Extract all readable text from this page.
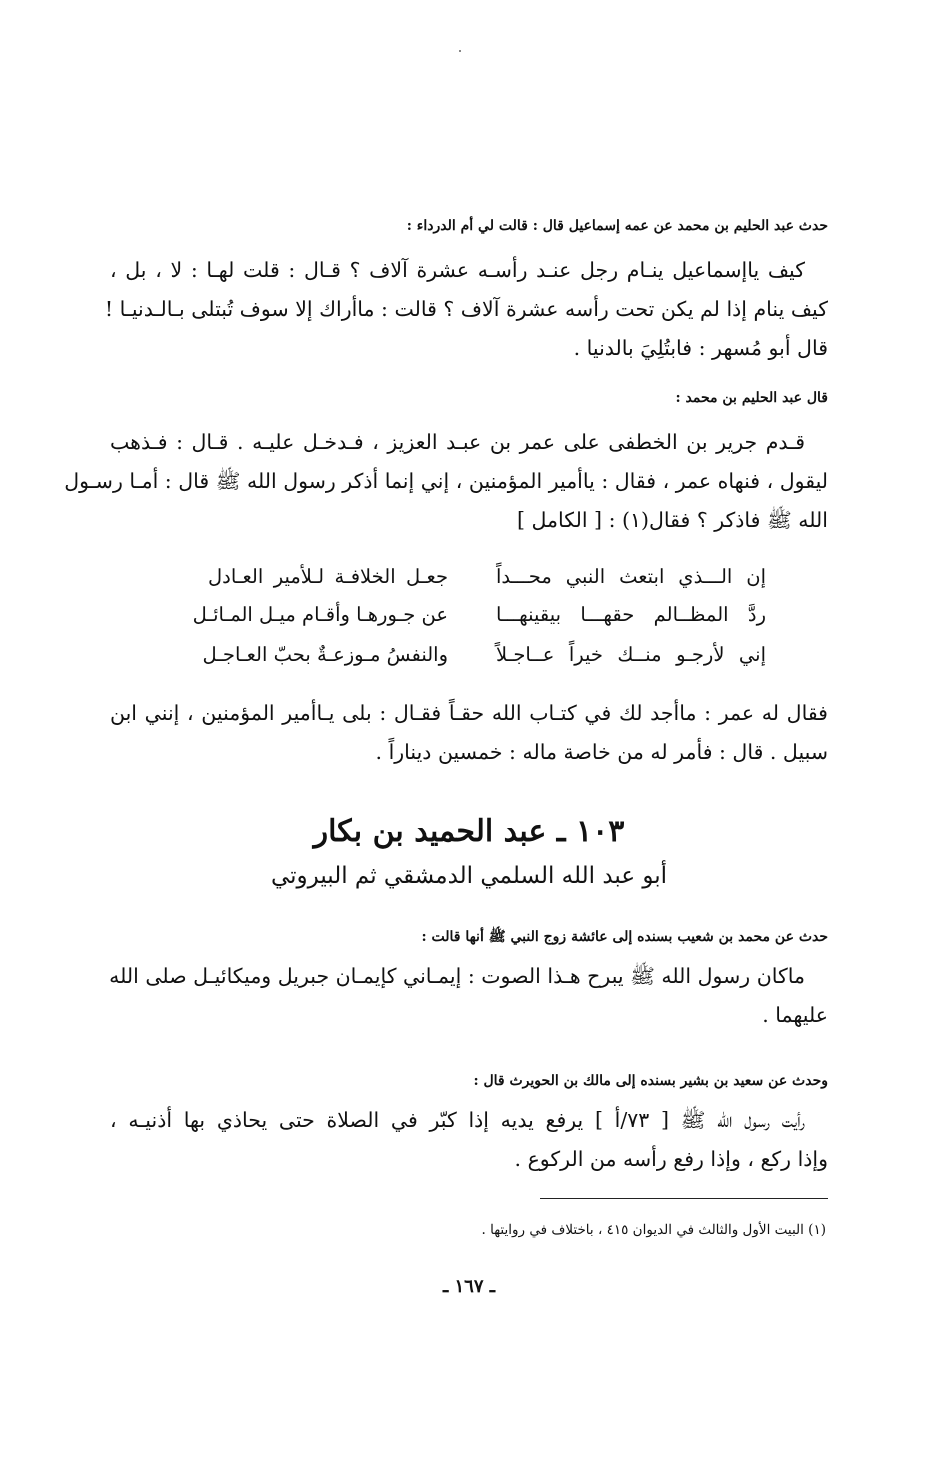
حدث عبد الحليم بن محمد عن عمه إسماعيل قال : قالت لي أم الدرداء :
كيف ياإسماعيل ينـام رجل عنـد رأسـه عشرة آلاف ؟ قـال : قلت لهـا : لا ، بل ،
كيف ينام إذا لم يكن تحت رأسه عشرة آلاف ؟ قالت : ماأراك إلا سوف تُبتلى بـالـدنيـا !
قال أبو مُسهر : فابتُلِيَ بالدنيا .
قال عبد الحليم بن محمد :
قـدم جرير بن الخطفى على عمر بن عبـد العزيز ، فـدخـل عليـه . قـال : فـذهب
ليقول ، فنهاه عمر ، فقال : ياأمير المؤمنين ، إني إنما أذكر رسول الله ﷺ قال : أمـا رسـول
الله ﷺ فاذكر ؟ فقال(١) : [ الكامل ]
إن الـــذي ابتعث النبي محـــداً
جعـل الخلافـة لـلأمير العـادل
ردَّ المظــالم حقهـــا بيقينهـــا
عن جـورهـا وأقـام ميـل المـائـل
إني لأرجـو منــك خيراً عــاجـلاً
والنفسُ مـوزعـةٌ بحبّ العـاجـل
فقال له عمر : ماأجد لك في كتـاب الله حقـاً فقـال : بلى يـاأمير المؤمنين ، إنني ابن
سبيل . قال : فأمر له من خاصة ماله : خمسين ديناراً .
١٠٣ ـ عبد الحميد بن بكار
أبو عبد الله السلمي الدمشقي ثم البيروتي
حدث عن محمد بن شعيب بسنده إلى عائشة زوج النبي ﷺ أنها قالت :
ماكان رسول الله ﷺ يبرح هـذا الصوت : إيمـاني كإيمـان جبريل وميكائيـل صلى الله
عليهما .
وحدث عن سعيد بن بشير بسنده إلى مالك بن الحويرث قال :
رأيت رسول الله ﷺ [ ٧٣/أ ] يرفع يديه إذا كبّر في الصلاة حتى يحاذي بها أذنيـه ،
وإذا ركع ، وإذا رفع رأسه من الركوع .
(١) البيت الأول والثالث في الديوان ٤١٥ ، باختلاف في روايتها .
ـ ١٦٧ ـ
